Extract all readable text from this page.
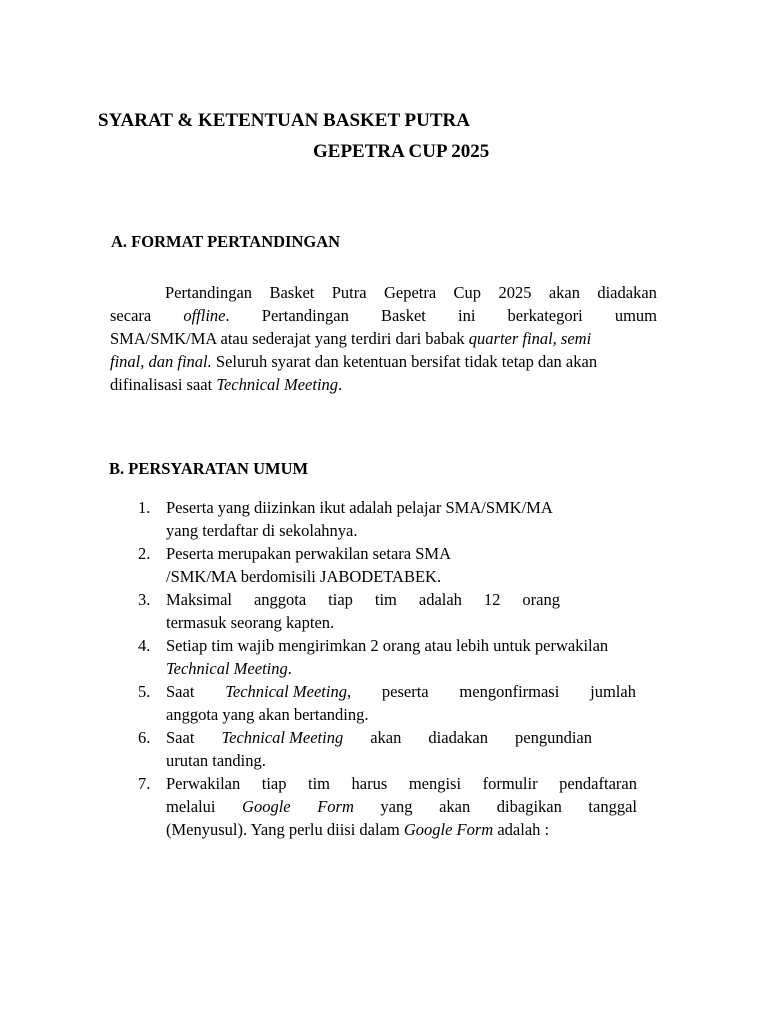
SYARAT & KETENTUAN BASKET PUTRA
GEPETRA CUP 2025
A. FORMAT PERTANDINGAN
Pertandingan Basket Putra Gepetra Cup 2025 akan diadakan
secara offline. Pertandingan Basket ini berkategori umum
SMA/SMK/MA atau sederajat yang terdiri dari babak quarter final, semi
final, dan final. Seluruh syarat dan ketentuan bersifat tidak tetap dan akan
difinalisasi saat Technical Meeting.
B. PERSYARATAN UMUM
1. Peserta yang diizinkan ikut adalah pelajar SMA/SMK/MA
yang terdaftar di sekolahnya.
2. Peserta merupakan perwakilan setara SMA
/SMK/MA berdomisili JABODETABEK.
3. Maksimal anggota tiap tim adalah 12 orang
termasuk seorang kapten.
4. Setiap tim wajib mengirimkan 2 orang atau lebih untuk perwakilan
Technical Meeting.
5. Saat Technical Meeting, peserta mengonfirmasi jumlah
anggota yang akan bertanding.
6. Saat Technical Meeting akan diadakan pengundian
urutan tanding.
7. Perwakilan tiap tim harus mengisi formulir pendaftaran
melalui Google Form yang akan dibagikan tanggal
(Menyusul). Yang perlu diisi dalam Google Form adalah :
